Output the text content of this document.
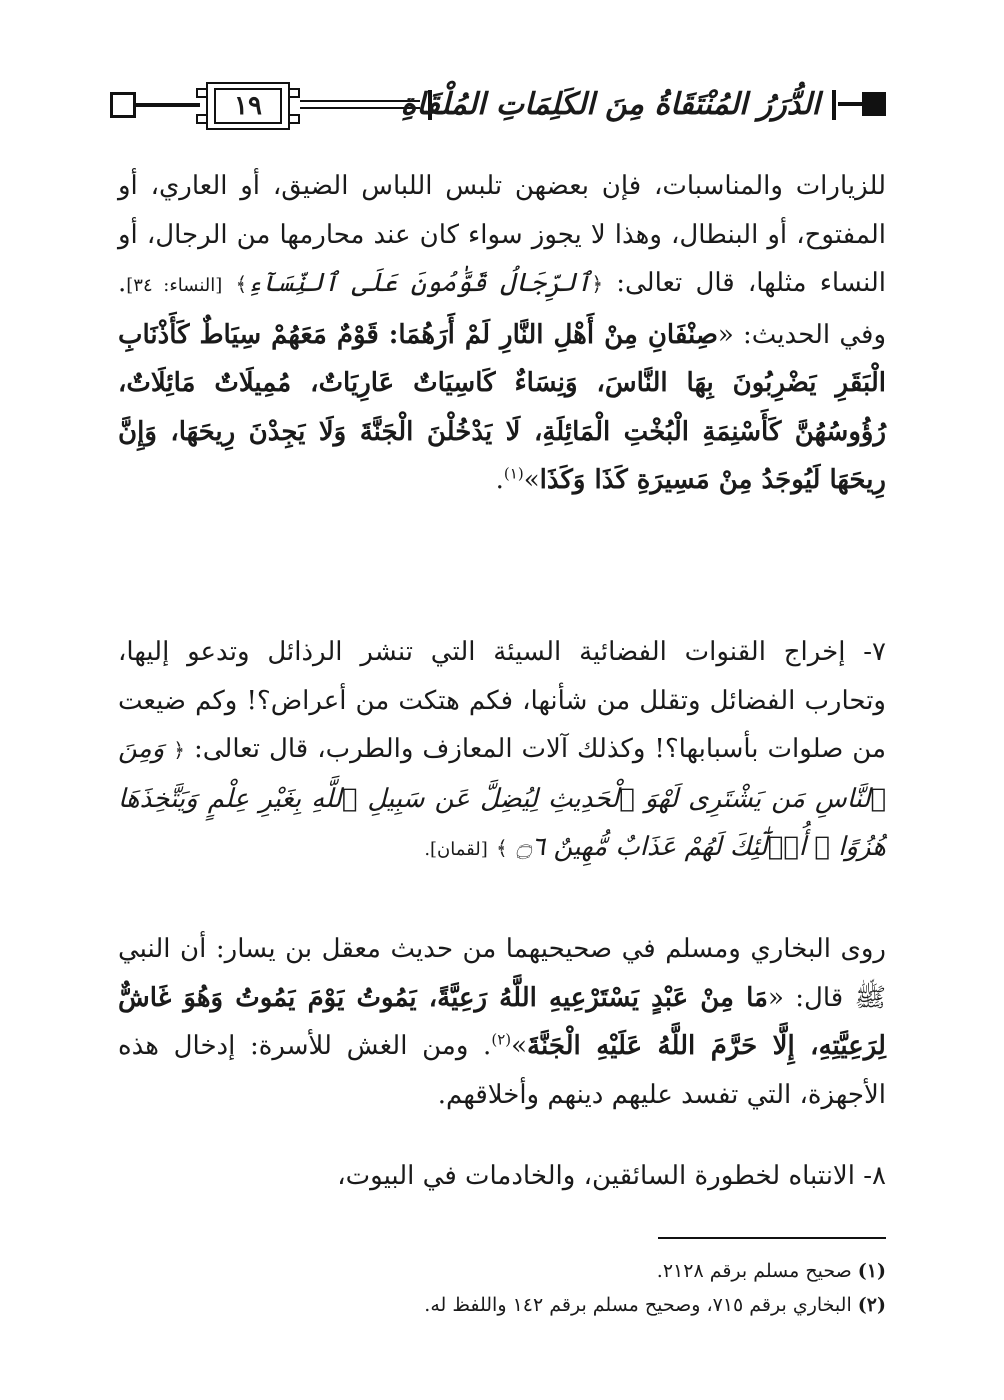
١٩	الدُّرَرُ المُنْتَقَاةُ مِنَ الكَلِمَاتِ المُلْقَاةِ

للزيارات والمناسبات، فإن بعضهن تلبس اللباس الضيق، أو العاري، أو المفتوح، أو البنطال، وهذا لا يجوز سواء كان عند محارمها من الرجال، أو النساء مثلها، قال تعالى: ﴿ٱلرِّجَالُ قَوَّٰمُونَ عَلَى ٱلنِّسَآءِ﴾ [النساء: ٣٤]. وفي الحديث: «صِنْفَانِ مِنْ أَهْلِ النَّارِ لَمْ أَرَهُمَا: قَوْمٌ مَعَهُمْ سِيَاطٌ كَأَذْنَابِ الْبَقَرِ يَضْرِبُونَ بِهَا النَّاسَ، وَنِسَاءٌ كَاسِيَاتٌ عَارِيَاتٌ، مُمِيلَاتٌ مَائِلَاتٌ، رُؤُوسُهُنَّ كَأَسْنِمَةِ الْبُخْتِ الْمَائِلَةِ، لَا يَدْخُلْنَ الْجَنَّةَ وَلَا يَجِدْنَ رِيحَهَا، وَإِنَّ رِيحَهَا لَيُوجَدُ مِنْ مَسِيرَةِ كَذَا وَكَذَا»$^{(١)}$.

٧- إخراج القنوات الفضائية السيئة التي تنشر الرذائل وتدعو إليها، وتحارب الفضائل وتقلل من شأنها، فكم هتكت من أعراض؟! وكم ضيعت من صلوات بأسبابها؟! وكذلك آلات المعازف والطرب، قال تعالى: ﴿ وَمِنَ ٱلنَّاسِ مَن يَشْتَرِى لَهْوَ ٱلْحَدِيثِ لِيُضِلَّ عَن سَبِيلِ ٱللَّهِ بِغَيْرِ عِلْمٍ وَيَتَّخِذَهَا هُزُوًا ۚ أُو۟لَٰٓئِكَ لَهُمْ عَذَابٌ مُّهِينٌ ۝٦ ﴾ [لقمان].

روى البخاري ومسلم في صحيحيهما من حديث معقل بن يسار: أن النبي ﷺ قال: «مَا مِنْ عَبْدٍ يَسْتَرْعِيهِ اللَّهُ رَعِيَّةً، يَمُوتُ يَوْمَ يَمُوتُ وَهُوَ غَاشٌّ لِرَعِيَّتِهِ، إِلَّا حَرَّمَ اللَّهُ عَلَيْهِ الْجَنَّةَ»$^{(٢)}$. ومن الغش للأسرة: إدخال هذه الأجهزة، التي تفسد عليهم دينهم وأخلاقهم.

٨- الانتباه لخطورة السائقين، والخادمات في البيوت،

(١) صحيح مسلم برقم ٢١٢٨.

(٢) البخاري برقم ٧١٥، وصحيح مسلم برقم ١٤٢ واللفظ له.
